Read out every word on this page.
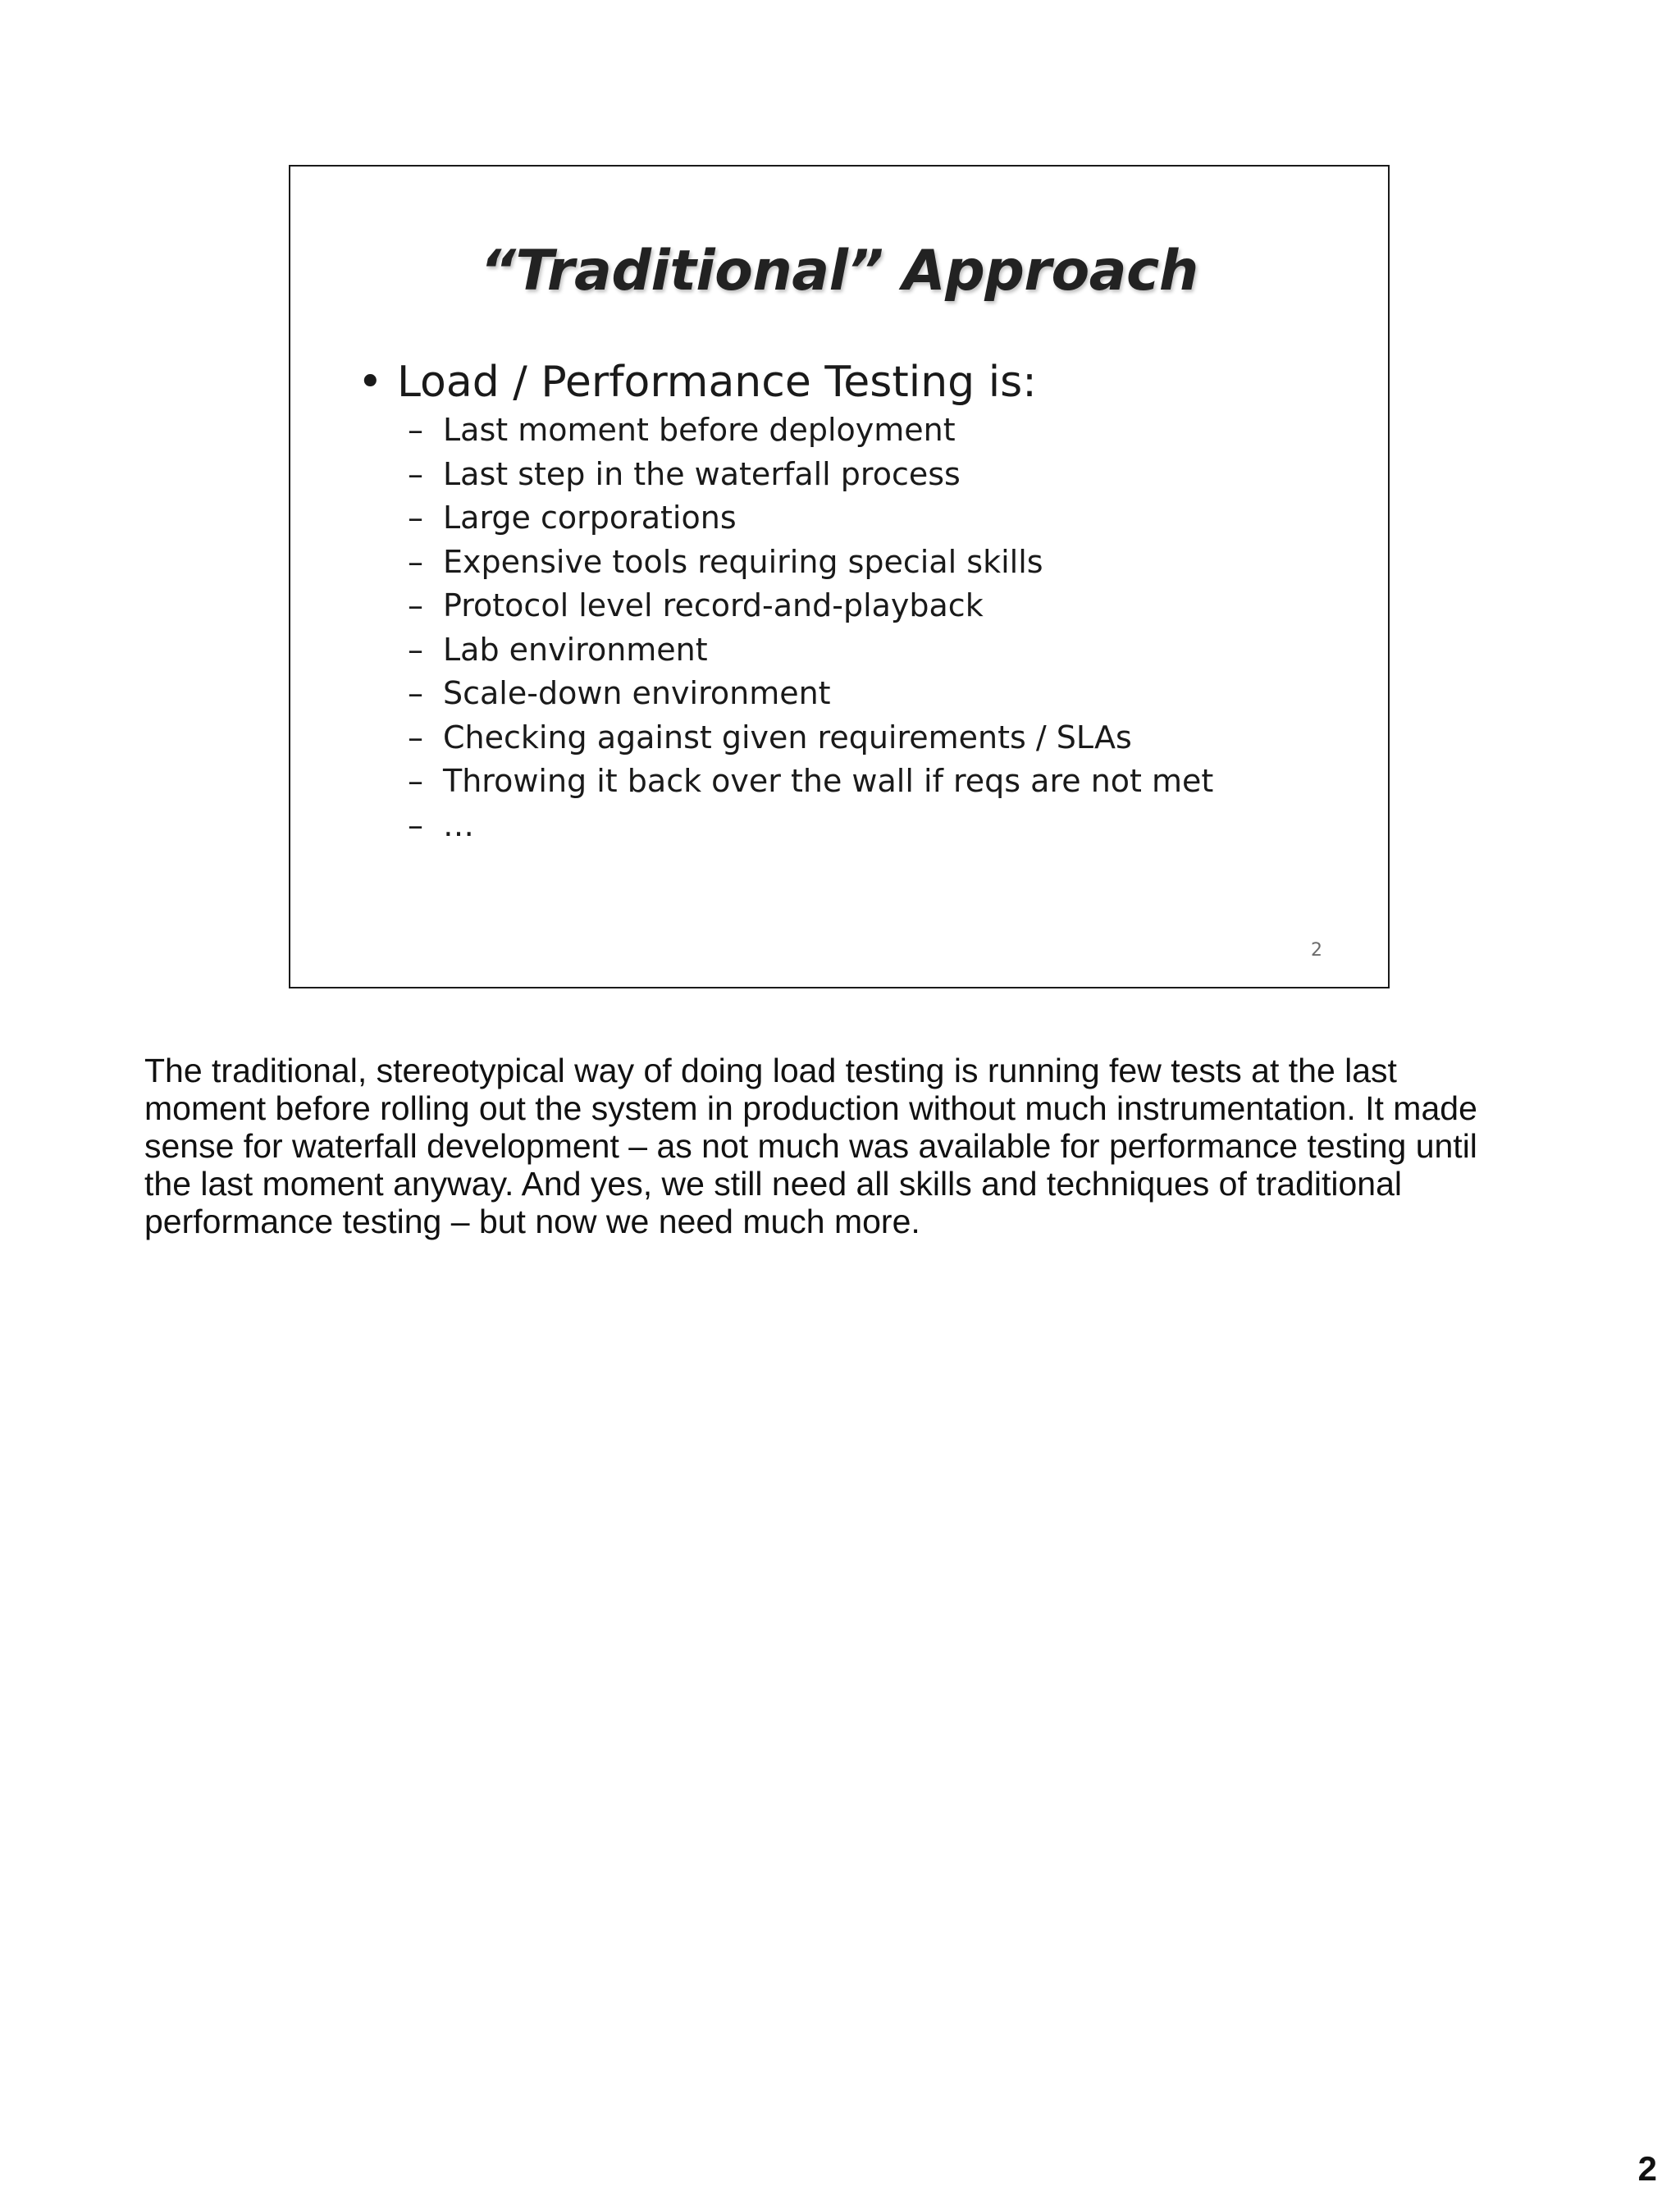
“Traditional” Approach
• Load / Performance Testing is:
– Last moment before deployment
– Last step in the waterfall process
– Large corporations
– Expensive tools requiring special skills
– Protocol level record-and-playback
– Lab environment
– Scale-down environment
– Checking against given requirements / SLAs
– Throwing it back over the wall if reqs are not met
– …
2

The traditional, stereotypical way of doing load testing is running few tests at the last
moment before rolling out the system in production without much instrumentation. It made
sense for waterfall development – as not much was available for performance testing until
the last moment anyway. And yes, we still need all skills and techniques of traditional
performance testing – but now we need much more.

2
